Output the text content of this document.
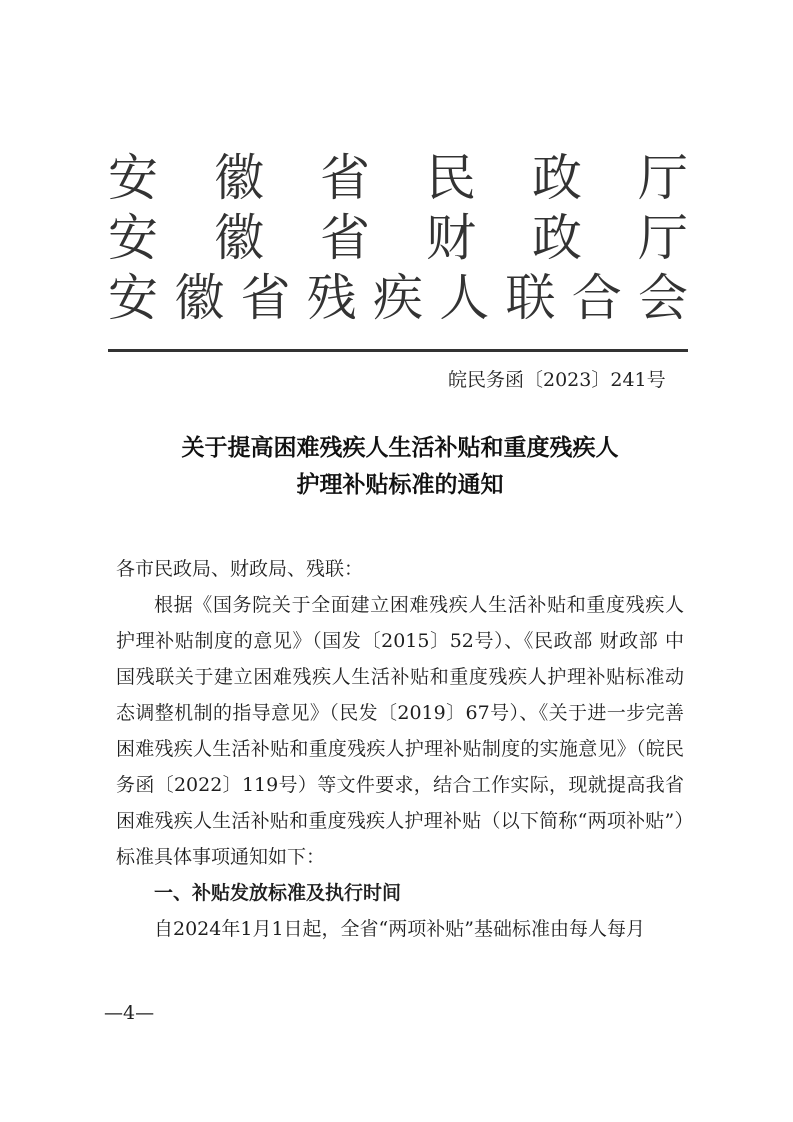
安 徽 省 民 政 厅
安 徽 省 财 政 厅
安 徽 省 残 疾 人 联 合 会
皖民务函〔2023〕241号
关于提高困难残疾人生活补贴和重度残疾人
护理补贴标准的通知

各市民政局、财政局、残联：

根据《国务院关于全面建立困难残疾人生活补贴和重度残疾人护理补贴制度的意见》（国发〔2015〕52号）、《民政部 财政部 中国残联关于建立困难残疾人生活补贴和重度残疾人护理补贴标准动态调整机制的指导意见》（民发〔2019〕67号）、《关于进一步完善困难残疾人生活补贴和重度残疾人护理补贴制度的实施意见》（皖民务函〔2022〕119号）等文件要求，结合工作实际，现就提高我省困难残疾人生活补贴和重度残疾人护理补贴（以下简称“两项补贴”）标准具体事项通知如下：

一、补贴发放标准及执行时间

自2024年1月1日起，全省“两项补贴”基础标准由每人每月

—4—
